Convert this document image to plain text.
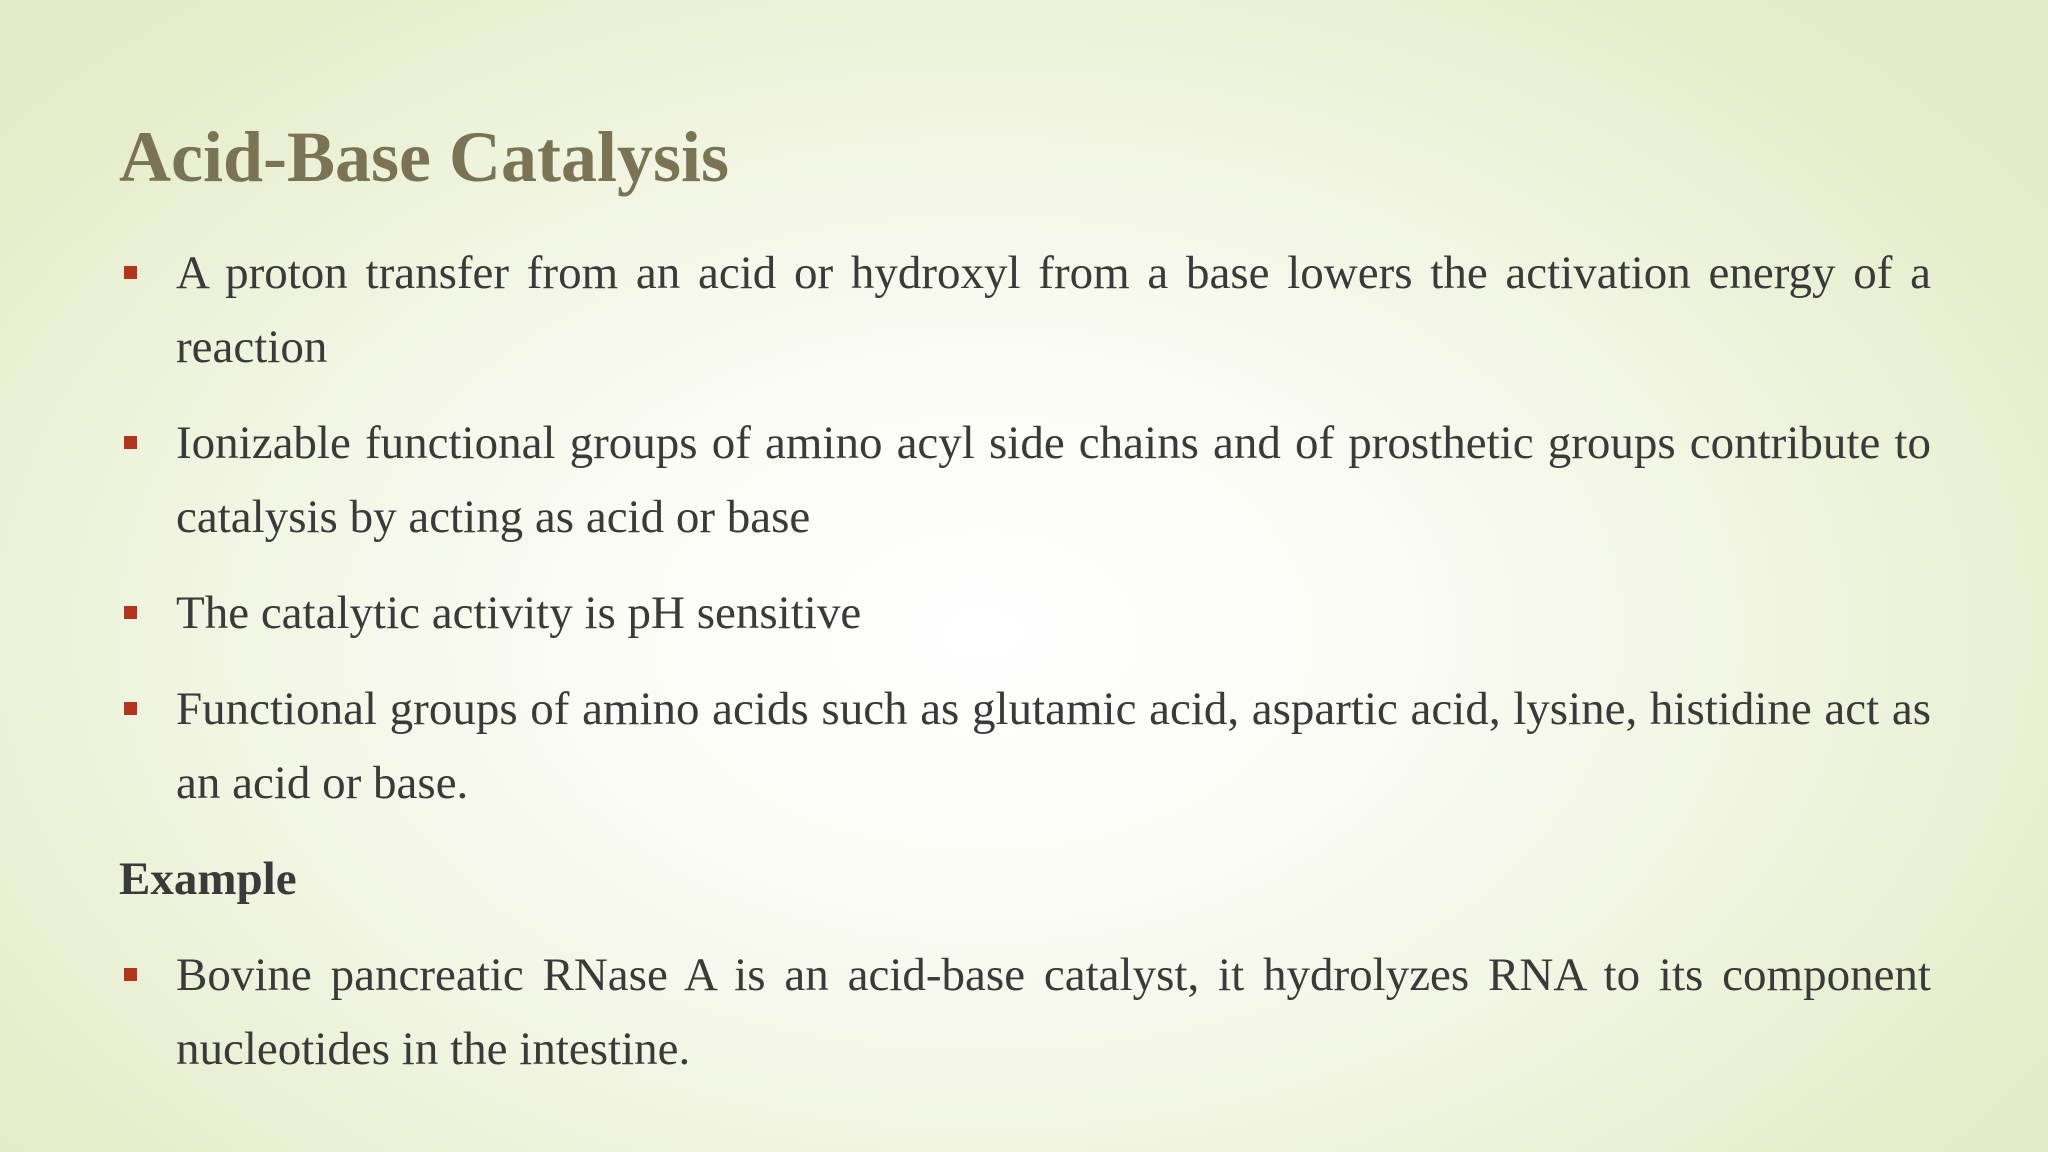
Acid-Base Catalysis

A proton transfer from an acid or hydroxyl from a base lowers the activation energy of a reaction

Ionizable functional groups of amino acyl side chains and of prosthetic groups contribute to catalysis by acting as acid or base

The catalytic activity is pH sensitive

Functional groups of amino acids such as glutamic acid, aspartic acid, lysine, histidine act as an acid or base.

Example

Bovine pancreatic RNase A is an acid-base catalyst, it hydrolyzes RNA to its component nucleotides in the intestine.
